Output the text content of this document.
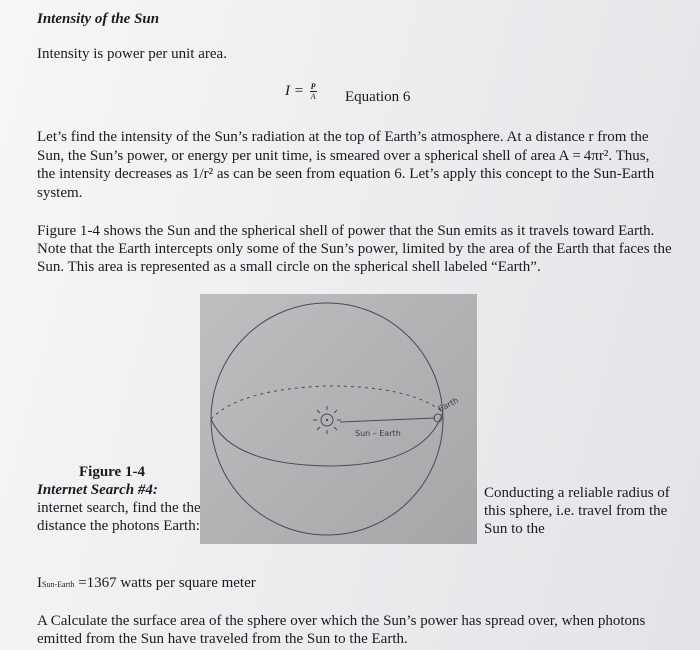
Intensity of the Sun
Intensity is power per unit area.
$I = \frac{P}{A}$ Equation 6
Let’s find the intensity of the Sun’s radiation at the top of Earth’s atmosphere. At a distance r from the Sun, the Sun’s power, or energy per unit time, is smeared over a spherical shell of area A = 4πr². Thus, the intensity decreases as 1/r² as can be seen from equation 6. Let’s apply this concept to the Sun-Earth system.
Figure 1-4 shows the Sun and the spherical shell of power that the Sun emits as it travels toward Earth. Note that the Earth intercepts only some of the Sun’s power, limited by the area of the Earth that faces the Sun. This area is represented as a small circle on the spherical shell labeled “Earth”.
Sun – Earth
Earth
Figure 1-4
Internet Search #4:
internet search, find the the distance the photons Earth:
Conducting a reliable radius of this sphere, i.e. travel from the Sun to the
ISun-Earth =1367 watts per square meter
A Calculate the surface area of the sphere over which the Sun’s power has spread over, when photons emitted from the Sun have traveled from the Sun to the Earth.
